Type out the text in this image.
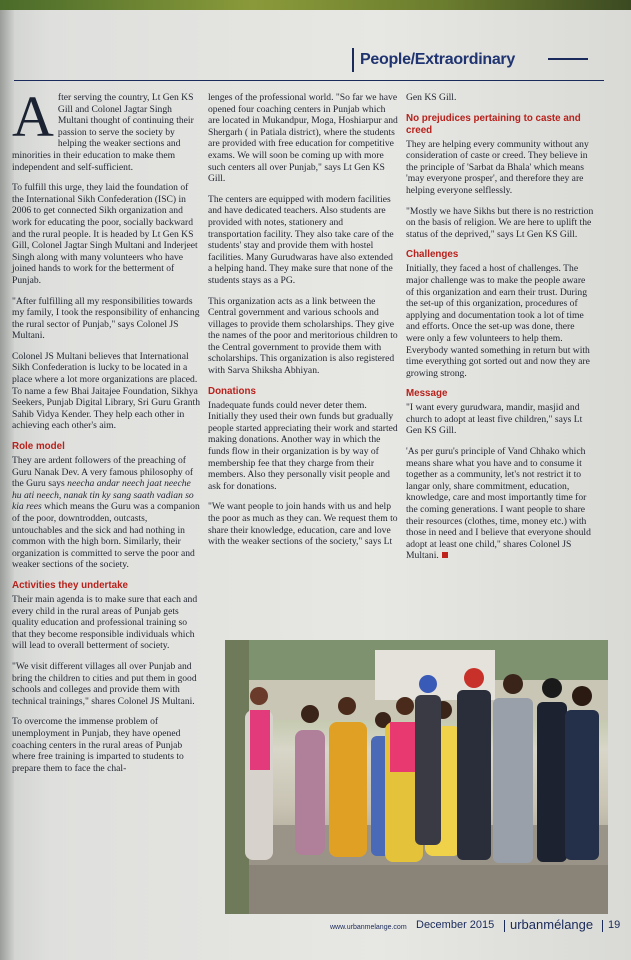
People/Extraordinary

After serving the country, Lt Gen KS Gill and Colonel Jagtar Singh Multani thought of continuing their passion to serve the society by helping the weaker sections and minorities in their education to make them independent and self-sufficient.

To fulfill this urge, they laid the foundation of the International Sikh Confederation (ISC) in 2006 to get connected Sikh organization and work for educating the poor, socially backward and the rural people. It is headed by Lt Gen KS Gill, Colonel Jagtar Singh Multani and Inderjeet Singh along with many volunteers who have joined hands to work for the betterment of Punjab.

"After fulfilling all my responsibilities towards my family, I took the responsibility of enhancing the rural sector of Punjab," says Colonel JS Multani.

Colonel JS Multani believes that International Sikh Confederation is lucky to be located in a place where a lot more organizations are placed. To name a few Bhai Jaitajee Foundation, Sikhya Seekers, Punjab Digital Library, Sri Guru Granth Sahib Vidya Kender. They help each other in achieving each other's aim.

Role model

They are ardent followers of the preaching of Guru Nanak Dev. A very famous philosophy of the Guru says neecha andar neech jaat neeche hu ati neech, nanak tin ky sang saath vadian so kia rees which means the Guru was a companion of the poor, downtrodden, outcasts, untouchables and the sick and had nothing in common with the high born. Similarly, their organization is committed to serve the poor and weaker sections of the society.

Activities they undertake

Their main agenda is to make sure that each and every child in the rural areas of Punjab gets quality education and professional training so that they become responsible individuals which will lead to overall betterment of society.

"We visit different villages all over Punjab and bring the children to cities and put them in good schools and colleges and provide them with technical trainings," shares Colonel JS Multani.

To overcome the immense problem of unemployment in Punjab, they have opened coaching centers in the rural areas of Punjab where free training is imparted to students to prepare them to face the chal-

lenges of the professional world. "So far we have opened four coaching centers in Punjab which are located in Mukandpur, Moga, Hoshiarpur and Shergarh ( in Patiala district), where the students are provided with free education for competitive exams. We will soon be coming up with more such centers all over Punjab," says Lt Gen KS Gill.

The centers are equipped with modern facilities and have dedicated teachers. Also students are provided with notes, stationery and transportation facility. They also take care of the students' stay and provide them with hostel facilities. Many Gurudwaras have also extended a helping hand. They make sure that none of the students stays as a PG.

This organization acts as a link between the Central government and various schools and villages to provide them scholarships. They give the names of the poor and meritorious children to the Central government to provide them with scholarships. This organization is also registered with Sarva Shiksha Abhiyan.

Donations

Inadequate funds could never deter them. Initially they used their own funds but gradually people started appreciating their work and started making donations. Another way in which the funds flow in their organization is by way of membership fee that they charge from their members. Also they personally visit people and ask for donations.

"We want people to join hands with us and help the poor as much as they can. We request them to share their knowledge, education, care and love with the weaker sections of the society," says Lt

Gen KS Gill.

No prejudices pertaining to caste and creed

They are helping every community without any consideration of caste or creed. They believe in the principle of 'Sarbat da Bhala' which means 'may everyone prosper', and therefore they are helping everyone selflessly.

"Mostly we have Sikhs but there is no restriction on the basis of religion. We are here to uplift the status of the deprived," says Lt Gen KS Gill.

Challenges

Initially, they faced a host of challenges. The major challenge was to make the people aware of this organization and earn their trust. During the set-up of this organization, procedures of applying and documentation took a lot of time and efforts. Once the set-up was done, there were only a few volunteers to help them. Everybody wanted something in return but with time everything got sorted out and now they are growing strong.

Message

"I want every gurudwara, mandir, masjid and church to adopt at least five children," says Lt Gen KS Gill.

'As per guru's principle of Vand Chhako which means share what you have and to consume it together as a community, let's not restrict it to langar only, share commitment, education, knowledge, care and most importantly time for the coming generations. I want people to share their resources (clothes, time, money etc.) with those in need and I believe that everyone should adopt at least one child," shares Colonel JS Multani.

www.urbanmelange.com December 2015 urbanmélange 19
